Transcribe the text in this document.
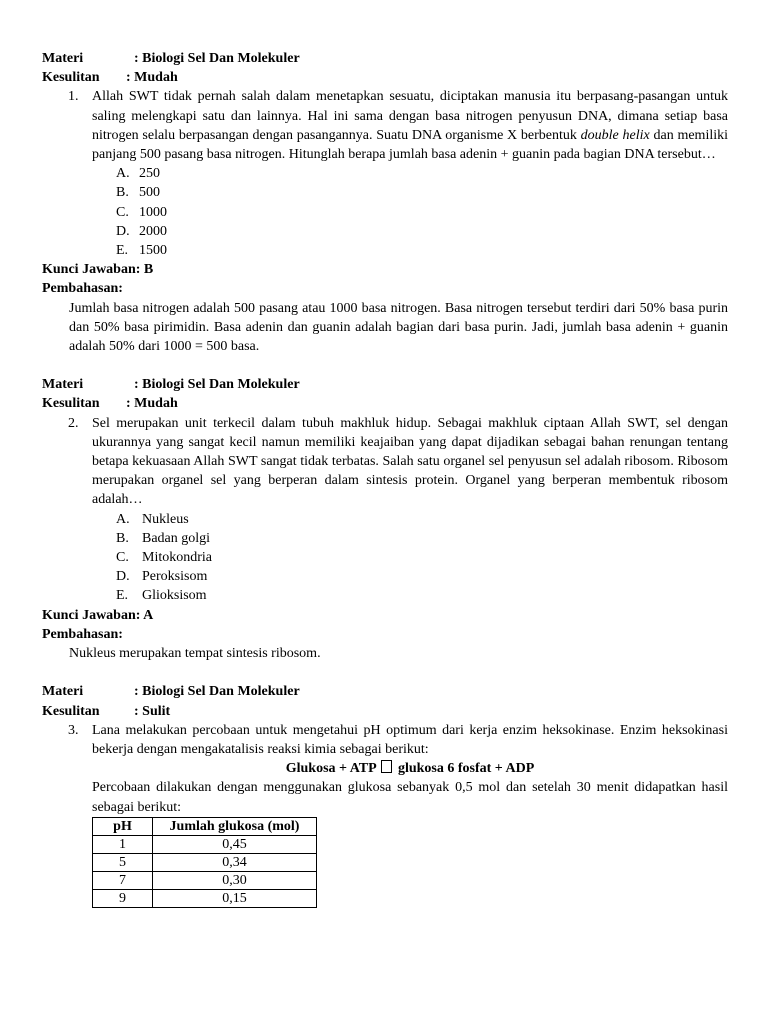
Materi	: Biologi Sel Dan Molekuler
Kesulitan : Mudah
1. Allah SWT tidak pernah salah dalam menetapkan sesuatu, diciptakan manusia itu berpasang-pasangan untuk saling melengkapi satu dan lainnya. Hal ini sama dengan basa nitrogen penyusun DNA, dimana setiap basa nitrogen selalu berpasangan dengan pasangannya. Suatu DNA organisme X berbentuk double helix dan memiliki panjang 500 pasang basa nitrogen. Hitunglah berapa jumlah basa adenin + guanin pada bagian DNA tersebut…
A. 250
B. 500
C. 1000
D. 2000
E. 1500
Kunci Jawaban: B
Pembahasan:
Jumlah basa nitrogen adalah 500 pasang atau 1000 basa nitrogen. Basa nitrogen tersebut terdiri dari 50% basa purin dan 50% basa pirimidin. Basa adenin dan guanin adalah bagian dari basa purin. Jadi, jumlah basa adenin + guanin adalah 50% dari 1000 = 500 basa.
Materi	: Biologi Sel Dan Molekuler
Kesulitan : Mudah
2. Sel merupakan unit terkecil dalam tubuh makhluk hidup. Sebagai makhluk ciptaan Allah SWT, sel dengan ukurannya yang sangat kecil namun memiliki keajaiban yang dapat dijadikan sebagai bahan renungan tentang betapa kekuasaan Allah SWT sangat tidak terbatas. Salah satu organel sel penyusun sel adalah ribosom. Ribosom merupakan organel sel yang berperan dalam sintesis protein. Organel yang berperan membentuk ribosom adalah…
A. Nukleus
B. Badan golgi
C. Mitokondria
D. Peroksisom
E. Glioksisom
Kunci Jawaban: A
Pembahasan:
Nukleus merupakan tempat sintesis ribosom.
Materi	: Biologi Sel Dan Molekuler
Kesulitan : Sulit
3. Lana melakukan percobaan untuk mengetahui pH optimum dari kerja enzim heksokinase. Enzim heksokinasi bekerja dengan mengakatalisis reaksi kimia sebagai berikut:
Glukosa + ATP glukosa 6 fosfat + ADP
Percobaan dilakukan dengan menggunakan glukosa sebanyak 0,5 mol dan setelah 30 menit didapatkan hasil sebagai berikut:
pH	Jumlah glukosa (mol)
1	0,45
5	0,34
7	0,30
9	0,15
